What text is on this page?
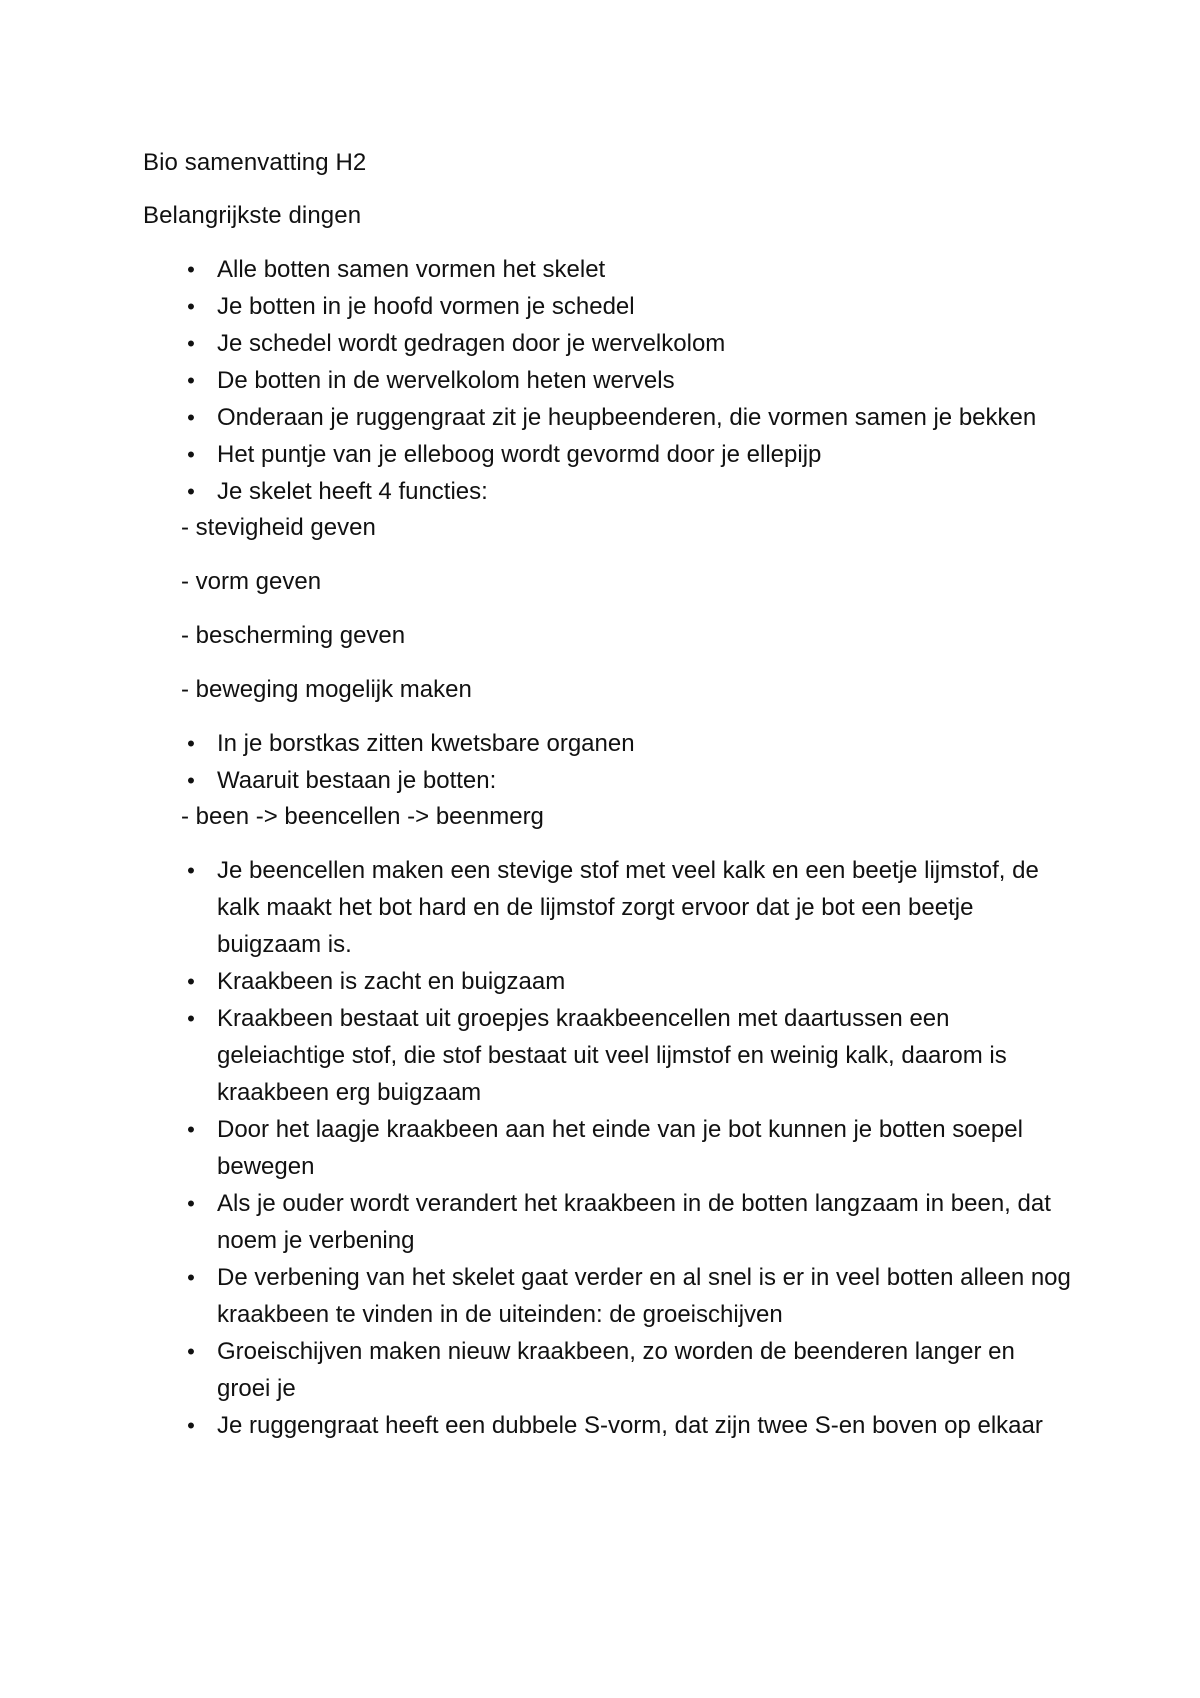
Bio samenvatting H2

Belangrijkste dingen

• Alle botten samen vormen het skelet
• Je botten in je hoofd vormen je schedel
• Je schedel wordt gedragen door je wervelkolom
• De botten in de wervelkolom heten wervels
• Onderaan je ruggengraat zit je heupbeenderen, die vormen samen je bekken
• Het puntje van je elleboog wordt gevormd door je ellepijp
• Je skelet heeft 4 functies:

- stevigheid geven

- vorm geven

- bescherming geven

- beweging mogelijk maken

• In je borstkas zitten kwetsbare organen
• Waaruit bestaan je botten:

- been -> beencellen -> beenmerg

• Je beencellen maken een stevige stof met veel kalk en een beetje lijmstof, de kalk maakt het bot hard en de lijmstof zorgt ervoor dat je bot een beetje buigzaam is.
• Kraakbeen is zacht en buigzaam
• Kraakbeen bestaat uit groepjes kraakbeencellen met daartussen een geleiachtige stof, die stof bestaat uit veel lijmstof en weinig kalk, daarom is kraakbeen erg buigzaam
• Door het laagje kraakbeen aan het einde van je bot kunnen je botten soepel bewegen
• Als je ouder wordt verandert het kraakbeen in de botten langzaam in been, dat noem je verbening
• De verbening van het skelet gaat verder en al snel is er in veel botten alleen nog kraakbeen te vinden in de uiteinden: de groeischijven
• Groeischijven maken nieuw kraakbeen, zo worden de beenderen langer en groei je
• Je ruggengraat heeft een dubbele S-vorm, dat zijn twee S-en boven op elkaar
